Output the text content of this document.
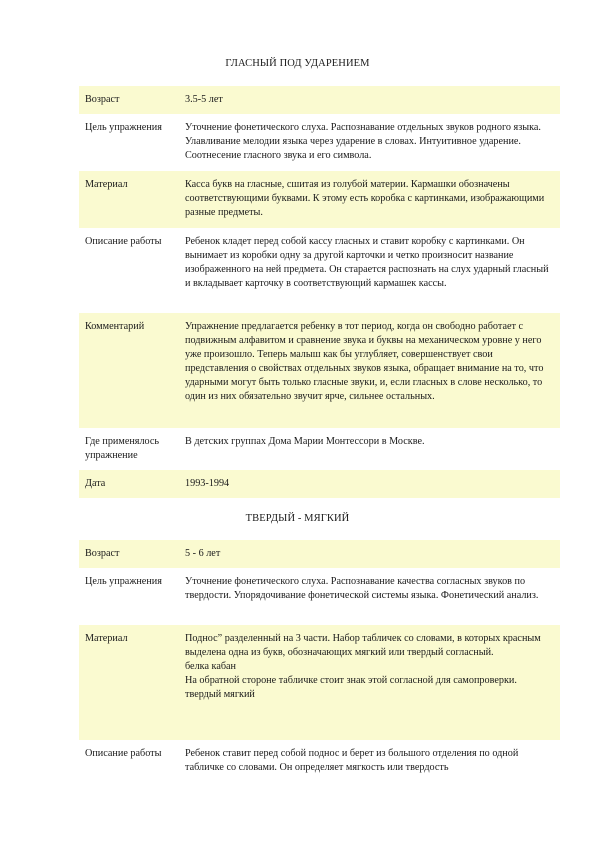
ГЛАСНЫЙ ПОД УДАРЕНИЕМ
Возраст	3.5-5 лет
Цель упражнения	Уточнение фонетического слуха. Распознавание отдельных звуков родного языка. Улавливание мелодии языка через ударение в словах. Интуитивное ударение. Соотнесение гласного звука и его символа.
Материал	Касса букв на гласные, сшитая из голубой материи. Кармашки обозначены соответствующими буквами. К этому есть коробка с картинками, изображающими разные предметы.
Описание работы	Ребенок кладет перед собой кассу гласных и ставит коробку с картинками. Он вынимает из коробки одну за другой карточки и четко произносит название изображенного на ней предмета. Он старается распознать на слух ударный гласный и вкладывает карточку в соответствующий кармашек кассы.
Комментарий	Упражнение предлагается ребенку в тот период, когда он свободно работает с подвижным алфавитом и сравнение звука и буквы на механическом уровне у него уже произошло. Теперь малыш как бы углубляет, совершенствует свои представления о свойствах отдельных звуков языка, обращает внимание на то, что ударными могут быть только гласные звуки, и, если гласных в слове несколько, то один из них обязательно звучит ярче, сильнее остальных.
Где применялось упражнение	В детских группах Дома Марии Монтессори в Москве.
Дата	1993-1994
ТВЕРДЫЙ - МЯГКИЙ
Возраст	5 - 6 лет
Цель упражнения	Уточнение фонетического слуха. Распознавание качества согласных звуков по твердости. Упорядочивание фонетической системы языка. Фонетический анализ.
Материал	Поднос” разделенный на 3 части. Набор табличек со словами, в которых красным выделена одна из букв, обозначающих мягкий или твердый согласный.
белка кабан
На обратной стороне табличке стоит знак этой согласной для самопроверки.
твердый мягкий

Описание работы	Ребенок ставит перед собой поднос и берет из большого отделения по одной табличке со словами. Он определяет мягкость или твердость
